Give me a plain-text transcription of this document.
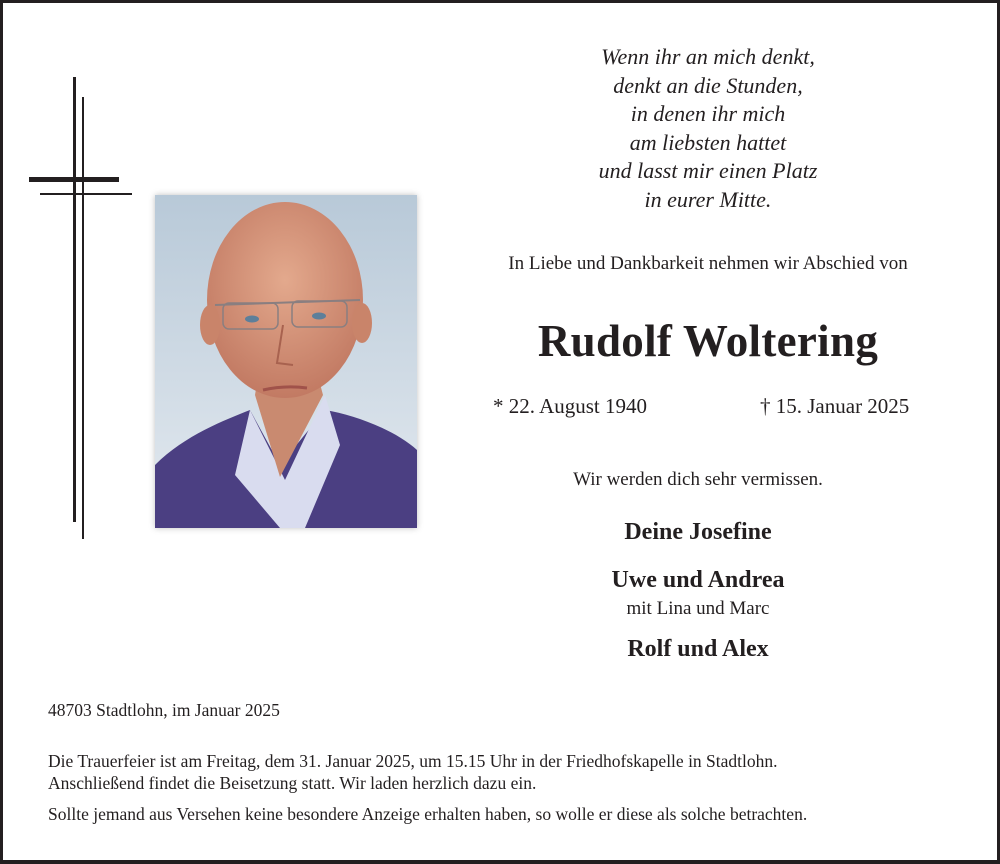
Wenn ihr an mich denkt,
denkt an die Stunden,
in denen ihr mich
am liebsten hattet
und lasst mir einen Platz
in eurer Mitte.
In Liebe und Dankbarkeit nehmen wir Abschied von
Rudolf Woltering
* 22. August 1940	† 15. Januar 2025
Wir werden dich sehr vermissen.
Deine Josefine
Uwe und Andrea
mit Lina und Marc
Rolf und Alex
48703 Stadtlohn, im Januar 2025
Die Trauerfeier ist am Freitag, dem 31. Januar 2025, um 15.15 Uhr in der Friedhofskapelle in Stadtlohn.
Anschließend findet die Beisetzung statt. Wir laden herzlich dazu ein.
Sollte jemand aus Versehen keine besondere Anzeige erhalten haben, so wolle er diese als solche betrachten.
